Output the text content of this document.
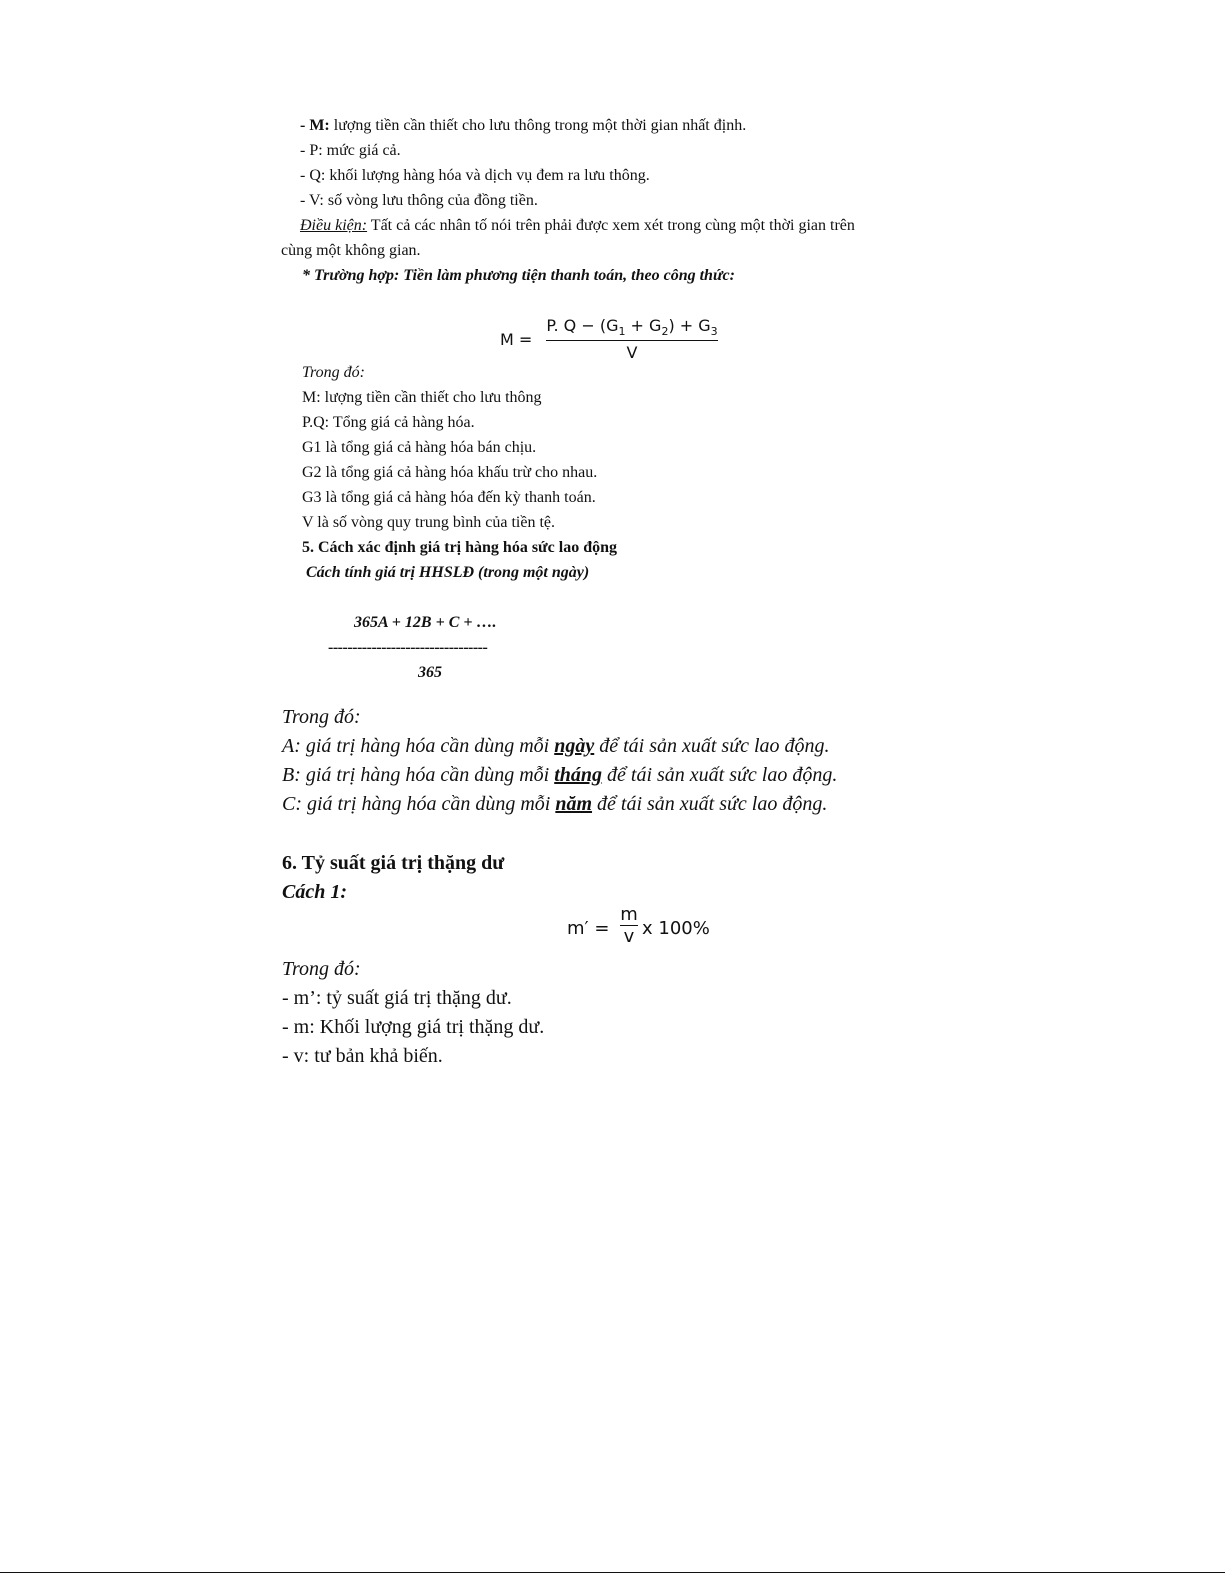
- M: lượng tiền cần thiết cho lưu thông trong một thời gian nhất định.
- P: mức giá cả.
- Q: khối lượng hàng hóa và dịch vụ đem ra lưu thông.
- V: số vòng lưu thông của đồng tiền.
Điều kiện: Tất cả các nhân tố nói trên phải được xem xét trong cùng một thời gian trên
cùng một không gian.
* Trường hợp: Tiền làm phương tiện thanh toán, theo công thức:
M =
P. $Q - (G_1 + G_2) + G_3$
V
Trong đó:
M: lượng tiền cần thiết cho lưu thông
P.Q: Tổng giá cả hàng hóa.
G1 là tổng giá cả hàng hóa bán chịu.
G2 là tổng giá cả hàng hóa khấu trừ cho nhau.
G3 là tổng giá cả hàng hóa đến kỳ thanh toán.
V là số vòng quy trung bình của tiền tệ.
5. Cách xác định giá trị hàng hóa sức lao động
Cách tính giá trị HHSLĐ (trong một ngày)
365A + 12B + C + ….
---------------------------------
365
Trong đó:
A: giá trị hàng hóa cần dùng mỗi ngày để tái sản xuất sức lao động.
B: giá trị hàng hóa cần dùng mỗi tháng để tái sản xuất sức lao động.
C: giá trị hàng hóa cần dùng mỗi năm để tái sản xuất sức lao động.
6. Tỷ suất giá trị thặng dư
Cách 1:
m′ =
m
v x 100%
Trong đó:
- m’: tỷ suất giá trị thặng dư.
- m: Khối lượng giá trị thặng dư.
- v: tư bản khả biến.
